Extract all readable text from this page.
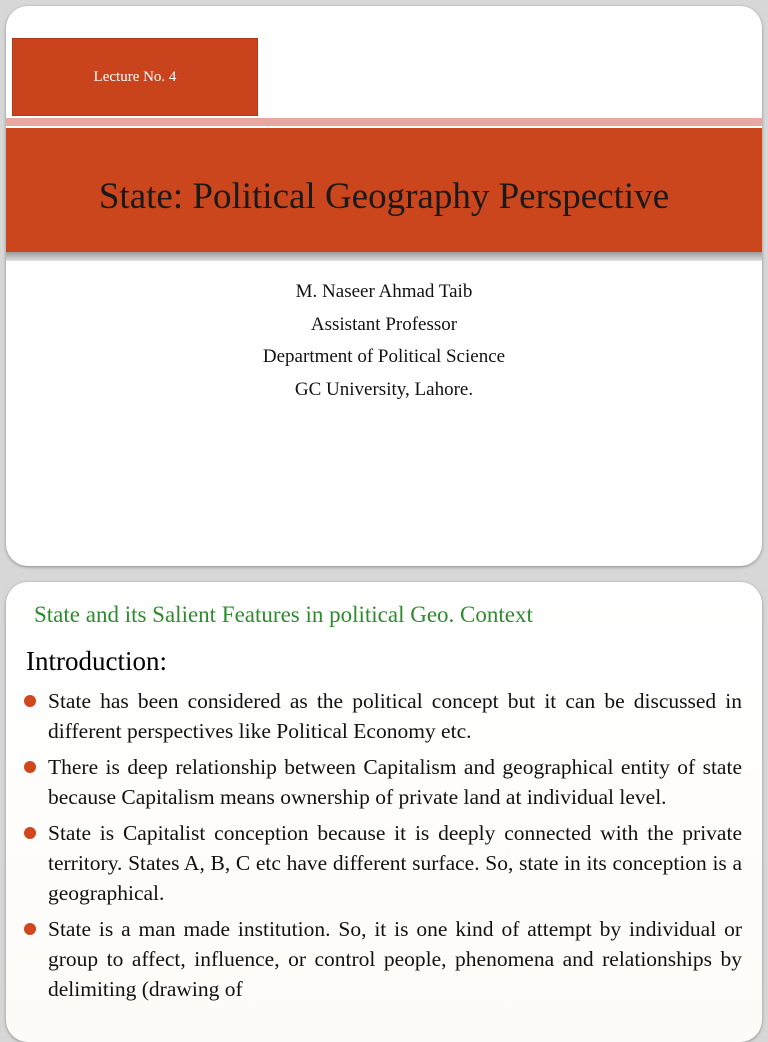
Lecture No. 4
State: Political Geography Perspective
M. Naseer Ahmad Taib
Assistant Professor
Department of Political Science
GC University, Lahore.
State and its Salient Features in political Geo. Context
Introduction:
State has been considered as the political concept but it can be discussed in different perspectives like Political Economy etc.
There is deep relationship between Capitalism and geographical entity of state because Capitalism means ownership of private land at individual level.
State is Capitalist conception because it is deeply connected with the private territory. States A, B, C etc have different surface. So, state in its conception is a geographical.
State is a man made institution. So, it is one kind of attempt by individual or group to affect, influence, or control people, phenomena and relationships by delimiting (drawing of
